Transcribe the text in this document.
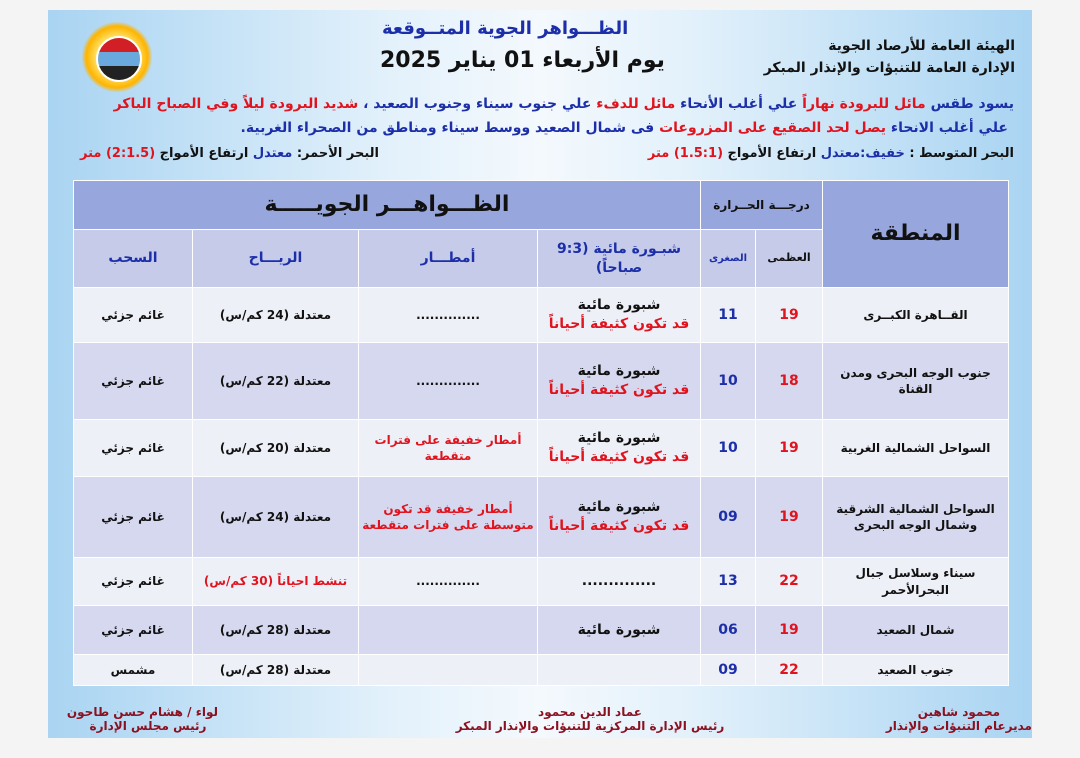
الهيئة العامة للأرصاد الجوية
الإدارة العامة للتنبؤات والإنذار المبكر
الظـــواهر الجوية المتــوقعة
يوم الأربعاء 01 يناير 2025
يسود طقس مائل للبرودة نهاراً علي أغلب الأنحاء مائل للدفء علي جنوب سيناء وجنوب الصعيد ، شديد البرودة ليلاً وفي الصباح الباكر
علي أغلب الانحاء يصل لحد الصقيع على المزروعات فى شمال الصعيد ووسط سيناء ومناطق من الصحراء الغربية.
البحر المتوسط : خفيف:معتدل ارتفاع الأمواج (1.5:1) متر
البحر الأحمر: معتدل ارتفاع الأمواج (2:1.5) متر
المنطقة	درجـــة الحــرارة		الظـــواهـــر الجويـــــة			
	العظمى	الصغرى	شبـورة مائية (9:3 صباحاً)	أمطـــار	الريـــاح	السحب
القــاهرة الكبــرى	19	11	شبورة مائية
قد تكون كثيفة أحياناً	..............	معتدلة (24 كم/س)	غائم جزئي
جنوب الوجه البحرى ومدن القناة	18	10	شبورة مائية
قد تكون كثيفة أحياناً	..............	معتدلة (22 كم/س)	غائم جزئي
السواحل الشمالية الغربية	19	10	شبورة مائية
قد تكون كثيفة أحياناً	أمطار خفيفة على فترات متقطعة	معتدلة (20 كم/س)	غائم جزئي
السواحل الشمالية الشرقية وشمال الوجه البحرى	19	09	شبورة مائية
قد تكون كثيفة أحياناً	أمطار خفيفة قد تكون متوسطة على فترات متقطعة	معتدلة (24 كم/س)	غائم جزئي
سيناء وسلاسل جبال البحرالأحمر	22	13	..............	..............	تنشط احياناً (30 كم/س)	غائم جزئي
شمال الصعيد	19	06	شبورة مائية		معتدلة (28 كم/س)	غائم جزئي
جنوب الصعيد	22	09			معتدلة (28 كم/س)	مشمس
محمود شاهين
مديرعام التنبؤات والإنذار
عماد الدين محمود
رئيس الإدارة المركزية للتنبؤات والإنذار المبكر
لواء / هشام حسن طاحون
رئيس مجلس الإدارة
